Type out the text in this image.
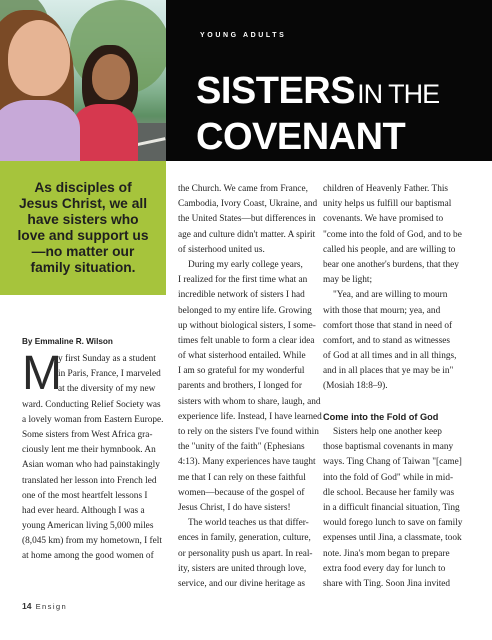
YOUNG ADULTS
SISTERSIN THE
COVENANT

As disciples of Jesus Christ, we all have sisters who love and support us—no matter our family situation.

By Emmaline R. Wilson
M
y first Sunday as a student
in Paris, France, I marveled
at the diversity of my new
ward. Conducting Relief Society was
a lovely woman from Eastern Europe.
Some sisters from West Africa gra-
ciously lent me their hymnbook. An
Asian woman who had painstakingly
translated her lesson into French led
one of the most heartfelt lessons I
had ever heard. Although I was a
young American living 5,000 miles
(8,045 km) from my hometown, I felt
at home among the good women of
the Church. We came from France,
Cambodia, Ivory Coast, Ukraine, and
the United States—but differences in
age and culture didn't matter. A spirit
of sisterhood united us.
During my early college years,
I realized for the first time what an
incredible network of sisters I had
belonged to my entire life. Growing
up without biological sisters, I some-
times felt unable to form a clear idea
of what sisterhood entailed. While
I am so grateful for my wonderful
parents and brothers, I longed for
sisters with whom to share, laugh, and
experience life. Instead, I have learned
to rely on the sisters I've found within
the "unity of the faith" (Ephesians
4:13). Many experiences have taught
me that I can rely on these faithful
women—because of the gospel of
Jesus Christ, I do have sisters!
The world teaches us that differ-
ences in family, generation, culture,
or personality push us apart. In real-
ity, sisters are united through love,
service, and our divine heritage as
children of Heavenly Father. This
unity helps us fulfill our baptismal
covenants. We have promised to
"come into the fold of God, and to be
called his people, and are willing to
bear one another's burdens, that they
may be light;
"Yea, and are willing to mourn
with those that mourn; yea, and
comfort those that stand in need of
comfort, and to stand as witnesses
of God at all times and in all things,
and in all places that ye may be in"
(Mosiah 18:8–9).
Come into the Fold of God
Sisters help one another keep
those baptismal covenants in many
ways. Ting Chang of Taiwan "[came]
into the fold of God" while in mid-
dle school. Because her family was
in a difficult financial situation, Ting
would forego lunch to save on family
expenses until Jina, a classmate, took
note. Jina's mom began to prepare
extra food every day for lunch to
share with Ting. Soon Jina invited
14 Ensign
